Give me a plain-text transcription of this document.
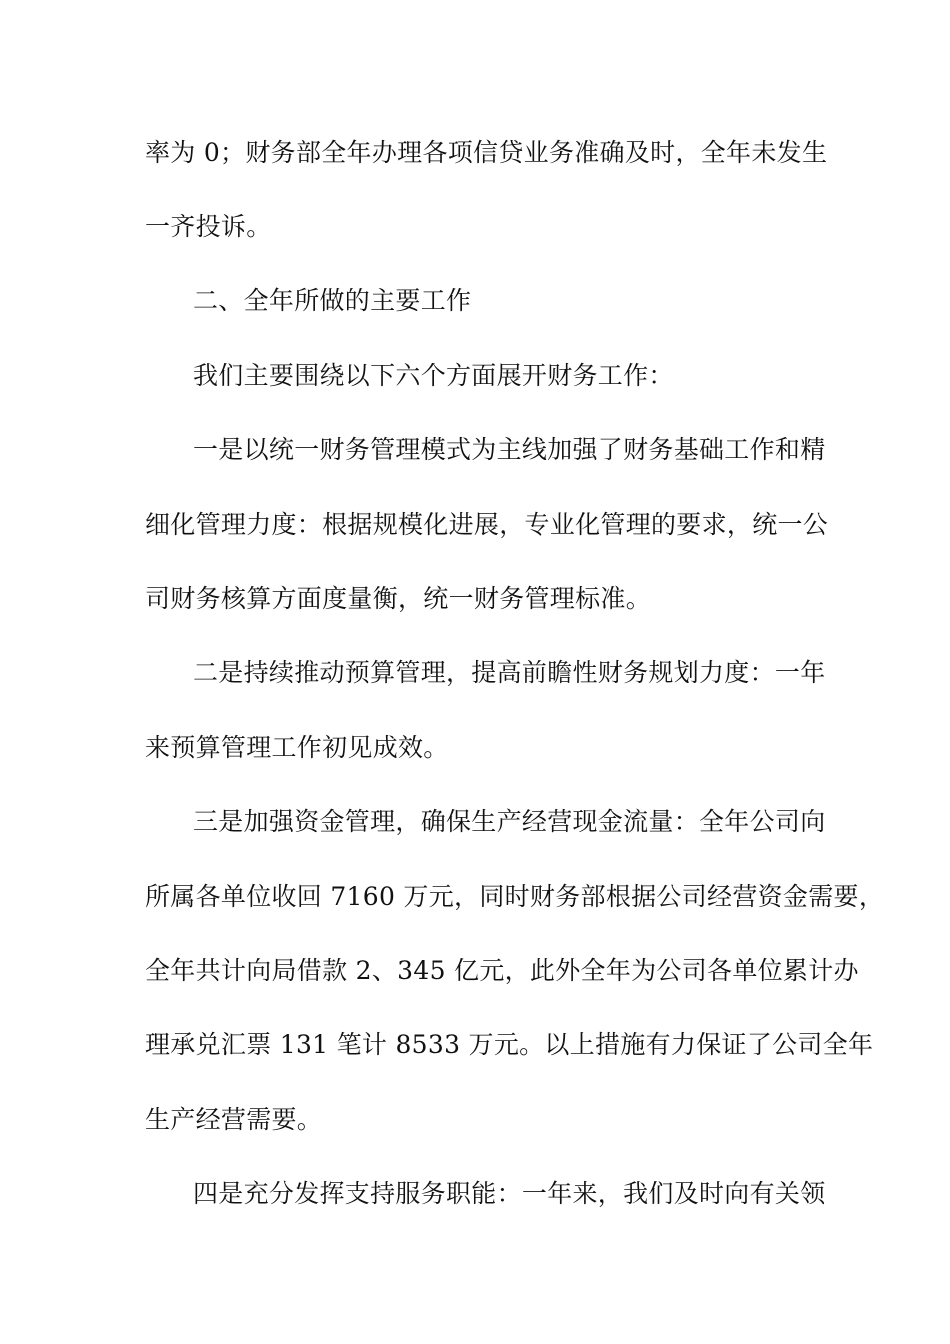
率为 0；财务部全年办理各项信贷业务准确及时，全年未发生
一齐投诉。
二、全年所做的主要工作
我们主要围绕以下六个方面展开财务工作：
一是以统一财务管理模式为主线加强了财务基础工作和精
细化管理力度：根据规模化进展，专业化管理的要求，统一公
司财务核算方面度量衡，统一财务管理标准。
二是持续推动预算管理，提高前瞻性财务规划力度：一年
来预算管理工作初见成效。
三是加强资金管理，确保生产经营现金流量：全年公司向
所属各单位收回 7160 万元，同时财务部根据公司经营资金需要，
全年共计向局借款 2、345 亿元，此外全年为公司各单位累计办
理承兑汇票 131 笔计 8533 万元。以上措施有力保证了公司全年
生产经营需要。
四是充分发挥支持服务职能：一年来，我们及时向有关领
